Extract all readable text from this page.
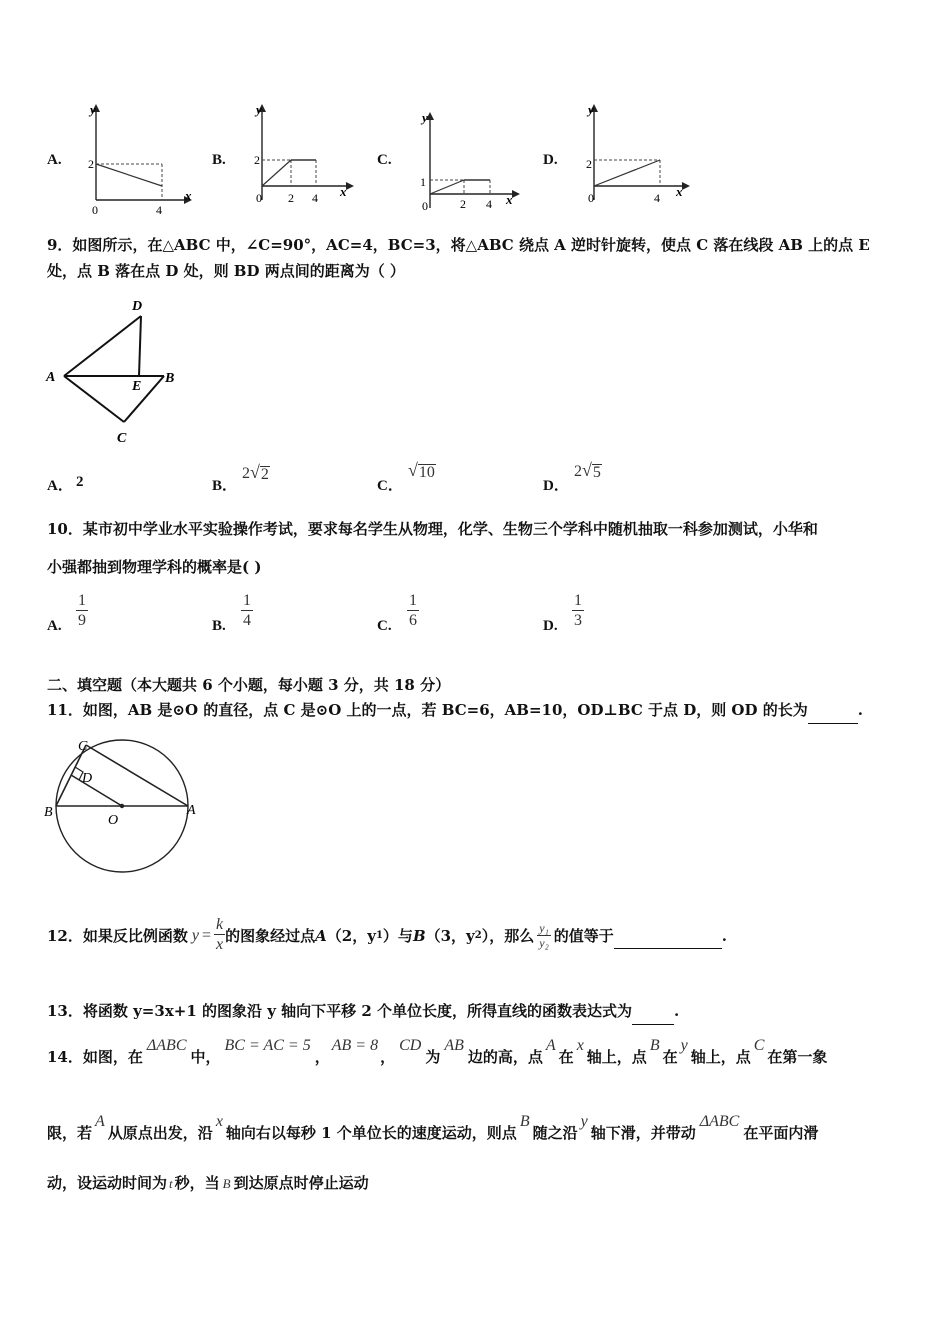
A.
y
x
2
0	4
B.
y
x
2
0 2 4
C.
y
x
1
0	2 4
D.
y
x
2
0	4
9．如图所示，在△ABC 中，∠C=90°，AC=4，BC=3，将△ABC 绕点 A 逆时针旋转，使点 C 落在线段 AB 上的点 E
处，点 B 落在点 D 处，则 BD 两点间的距离为（ ）
D
A
E
B
C
A． 2	B．
2 √ 2
C．
√ 10
D．
2 √ 5
10．某市初中学业水平实验操作考试，要求每名学生从物理，化学、生物三个学科中随机抽取一科参加测试，小华和
小强都抽到物理学科的概率是( )
A. $\frac{1}{9}$	B. $\frac{1}{4}$	C. $\frac{1}{6}$	D. $\frac{1}{3}$
二、填空题（本大题共 6 个小题，每小题 3 分，共 18 分）
11．如图，AB 是⊙O 的直径，点 C 是⊙O 上的一点，若 BC=6，AB=10，OD⊥BC 于点 D，则 OD 的长为	.
C
D
B
O
A
12．如果反比例函数 $y = \frac{k}{x}$ 的图象经过点 A （2，y 1 ） 与 B （3，y 2 ），那么 $\frac{\text{y₁}}{\text{y₂}}$ 的值等于
	.
13．将函数 y=3x+1 的图象沿 y 轴向下平移 2 个单位长度，所得直线的函数表达式为	.
14．如图，在ΔABC中，BC = AC = 5，AB = 8，CD为AB边的高，点A在x轴上，点B在y轴上，点C在第一象
限，若A从原点出发，沿x轴向右以每秒 1 个单位长的速度运动，则点B随之沿y轴下滑，并带动ΔABC在平面内滑
动，设运动时间为 t 秒，当 B 到达原点时停止运动
